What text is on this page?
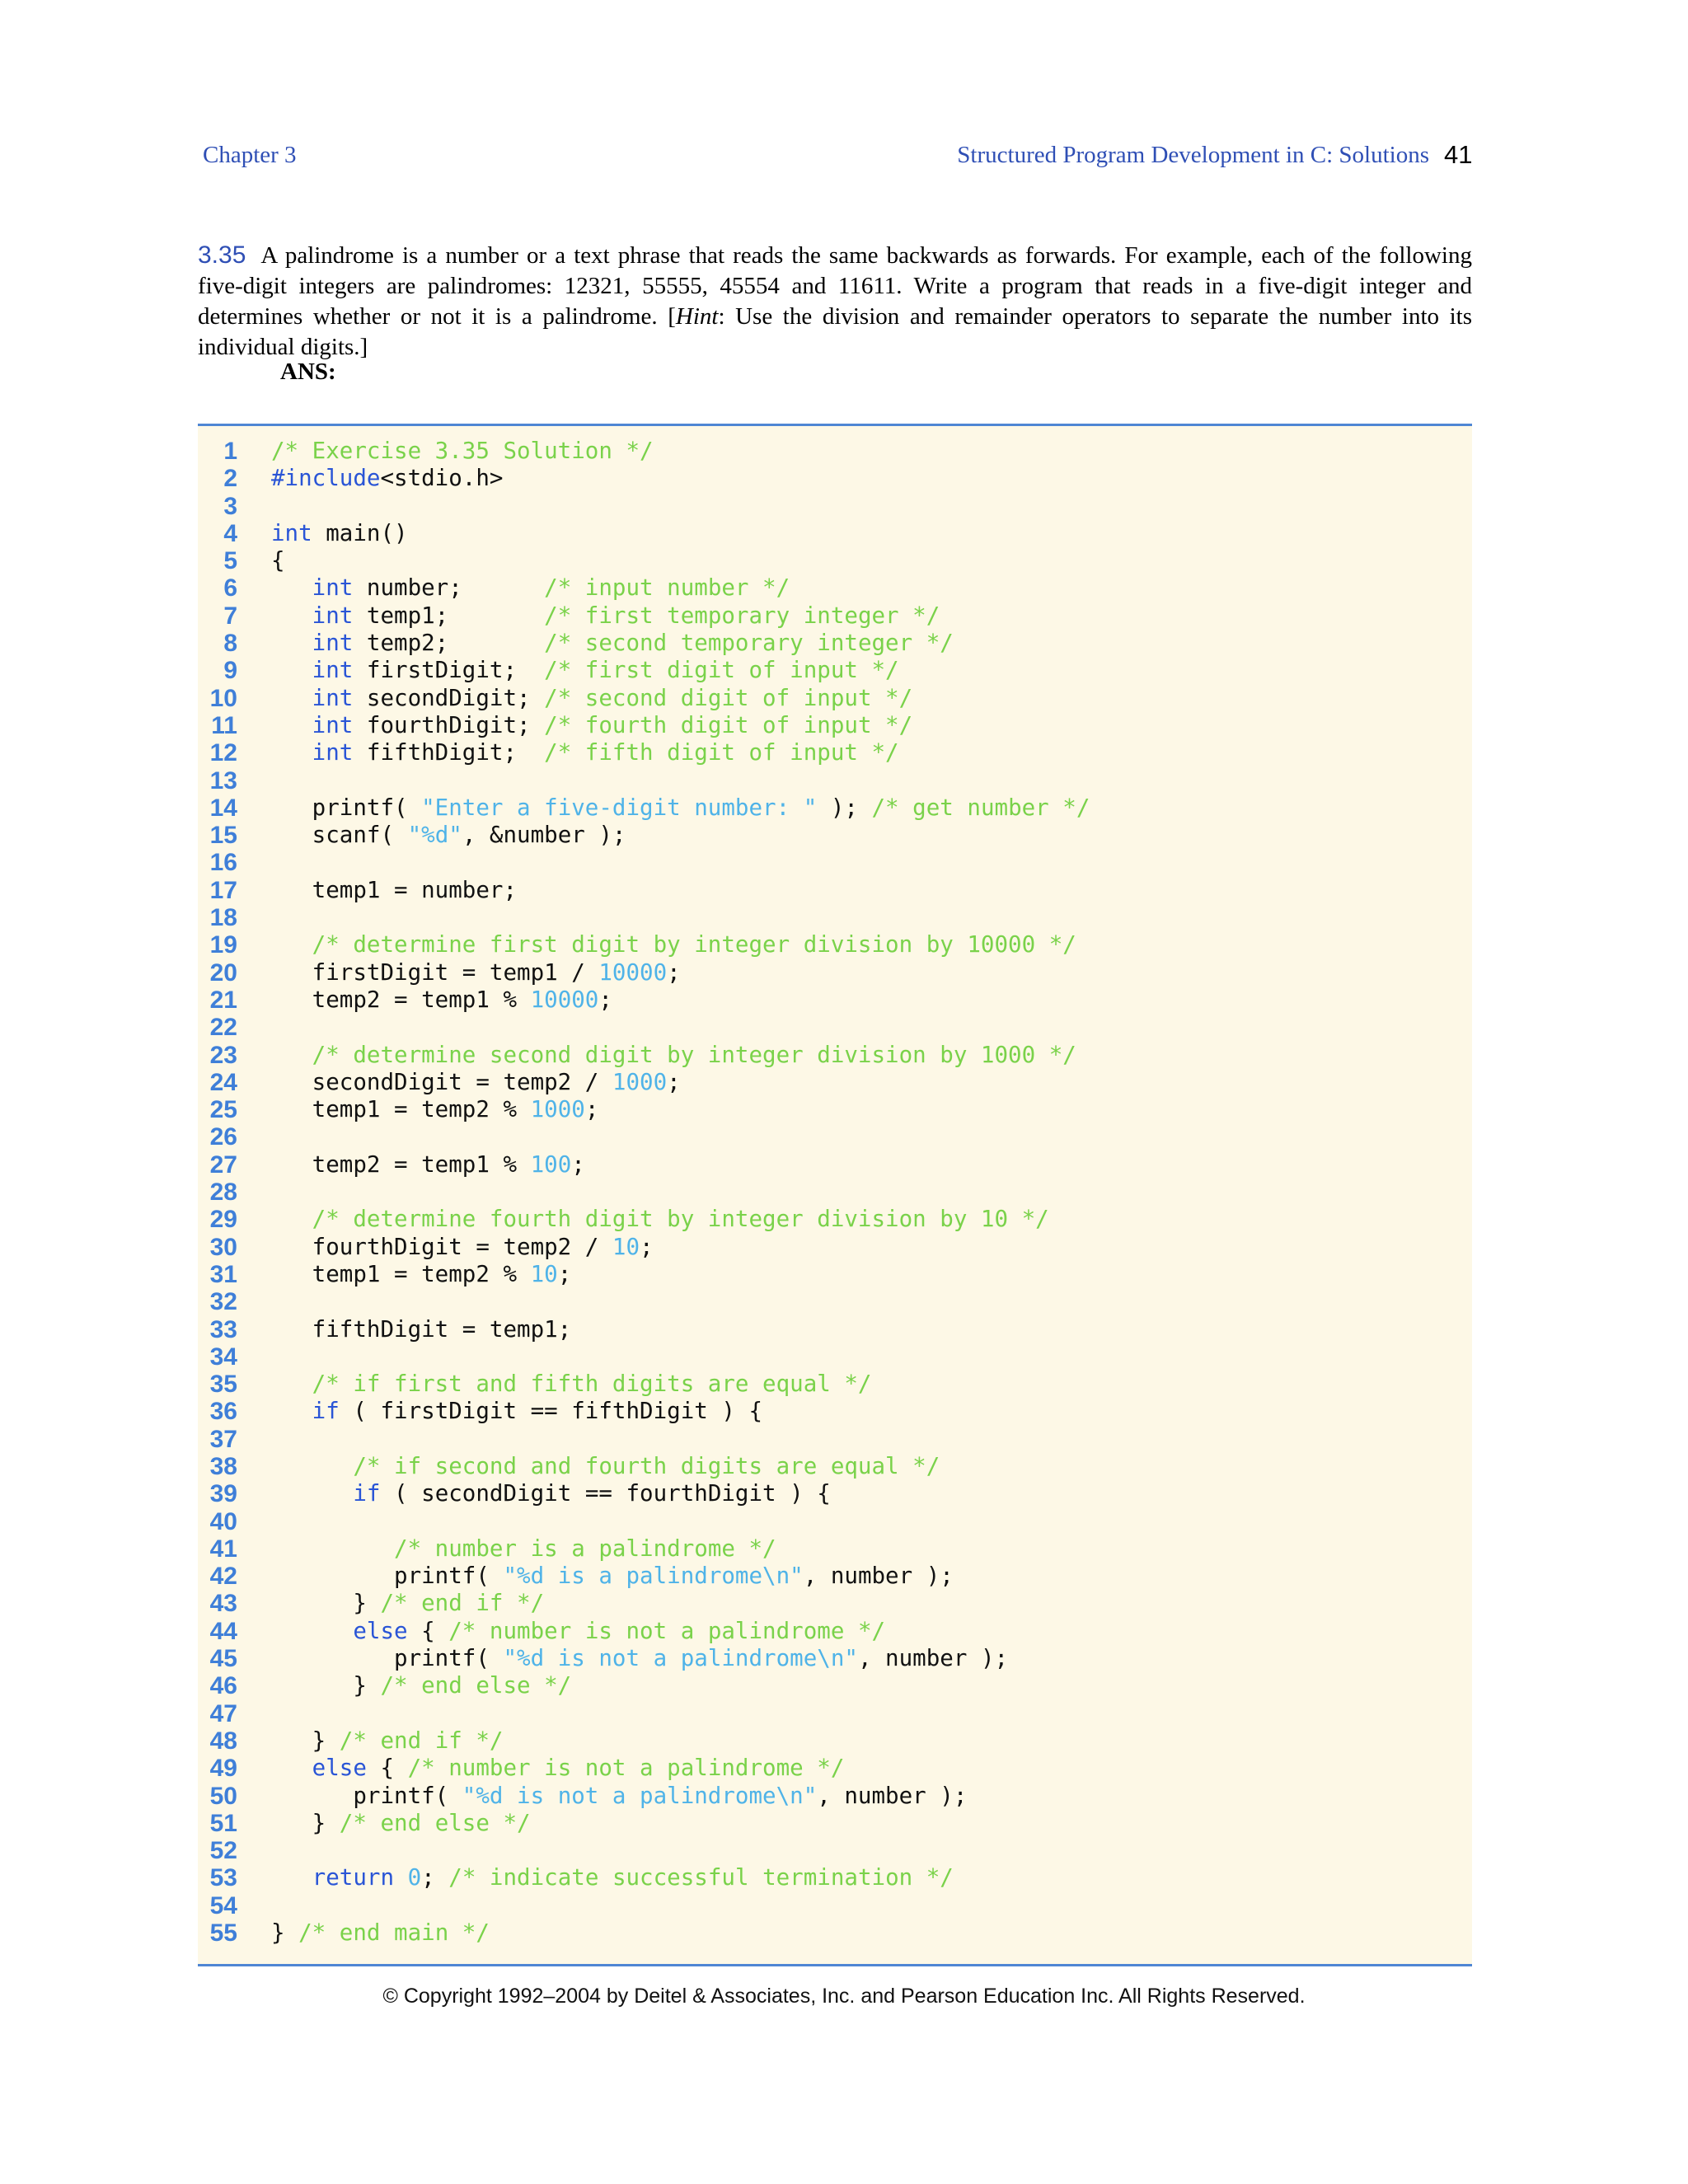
Chapter 3	Structured Program Development in C: Solutions 41
3.35 A palindrome is a number or a text phrase that reads the same backwards as forwards. For example, each of the following five-digit integers are palindromes: 12321, 55555, 45554 and 11611. Write a program that reads in a five-digit integer and determines whether or not it is a palindrome. [Hint: Use the division and remainder operators to separate the number into its individual digits.]
ANS:
1 /* Exercise 3.35 Solution */
2 #include<stdio.h>
3
4 int main()
5 {
6	int number;      /* input number */
7	int temp1;       /* first temporary integer */
8	int temp2;       /* second temporary integer */
9	int firstDigit;  /* first digit of input */
10	int secondDigit; /* second digit of input */
11	int fourthDigit; /* fourth digit of input */
12	int fifthDigit;  /* fifth digit of input */
13
14 printf( "Enter a five-digit number: " ); /* get number */
15 scanf( "%d", &number );
16
17 temp1 = number;
18
19	/* determine first digit by integer division by 10000 */
20 firstDigit = temp1 / 10000;
21 temp2 = temp1 % 10000;
22
23	/* determine second digit by integer division by 1000 */
24 secondDigit = temp2 / 1000;
25 temp1 = temp2 % 1000;
26
27 temp2 = temp1 % 100;
28
29	/* determine fourth digit by integer division by 10 */
30 fourthDigit = temp2 / 10;
31 temp1 = temp2 % 10;
32
33 fifthDigit = temp1;
34
35	/* if first and fifth digits are equal */
36	if ( firstDigit == fifthDigit ) {
37
38	/* if second and fourth digits are equal */
39	if ( secondDigit == fourthDigit ) {
40
41	/* number is a palindrome */
42 printf( "%d is a palindrome\n", number );
43 } /* end if */
44	else { /* number is not a palindrome */
45 printf( "%d is not a palindrome\n", number );
46 } /* end else */
47
48 } /* end if */
49	else { /* number is not a palindrome */
50 printf( "%d is not a palindrome\n", number );
51 } /* end else */
52
53	return 0; /* indicate successful termination */
54
55 } /* end main */
© Copyright 1992–2004 by Deitel & Associates, Inc. and Pearson Education Inc. All Rights Reserved.
